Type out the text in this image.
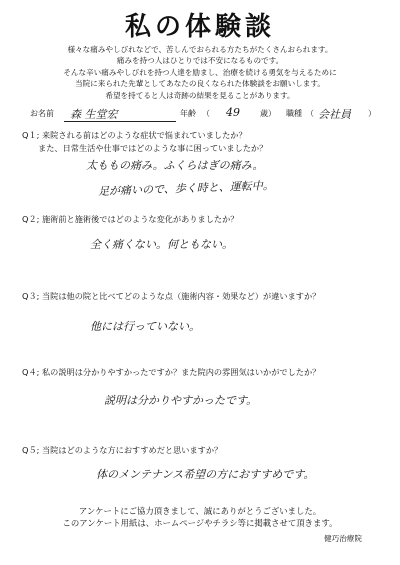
私の体験談
様々な痛みやしびれなどで、苦しんでおられる方たちがたくさんおられます。
痛みを持つ人はひとりでは不安になるものです。
そんな辛い痛みやしびれを持つ人達を励まし、治療を続ける勇気を与えるために
当院に来られた先輩としてあなたの良くなられた体験談をお願いします。
希望を持てると人は奇跡の結果を見ることがあります。
お名前 森 生堂宏	年齢 （ 49	歳） 職種 （ 会社員 ）
Q１; 来院される前はどのような症状で悩まれていましたか？
また、日常生活や仕事ではどのような事に困っていましたか？
太ももの痛み。ふくらはぎの痛み。
足が痛いので、歩く時と、運転中。
Q２; 施術前と施術後ではどのような変化がありましたか？
全く痛くない。何ともない。
Q３; 当院は他の院と比べてどのような点（施術内容・効果など）が違いますか？
他には行っていない。
Q４; 私の説明は分かりやすかったですか？また院内の雰囲気はいかがでしたか？
説明は分かりやすかったです。
Q５; 当院はどのような方におすすめだと思いますか？
体のメンテナンス希望の方におすすめです。
アンケートにご協力頂きまして、誠にありがとうございました。
このアンケート用紙は、ホームページやチラシ等に掲載させて頂きます。
健巧治療院
